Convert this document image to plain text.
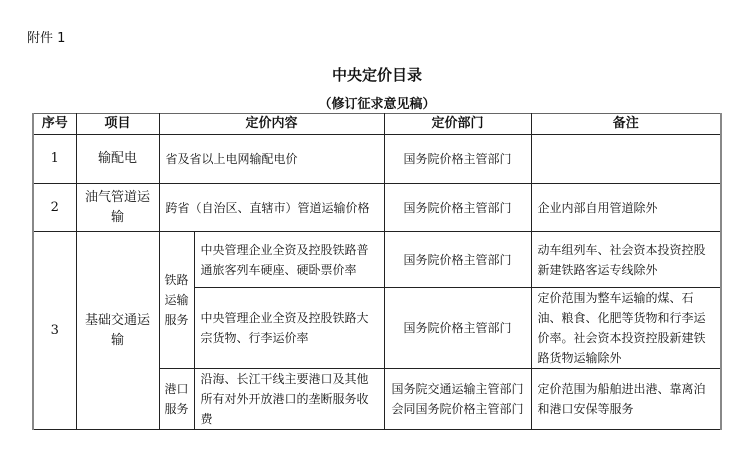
附件 1
中央定价目录
（修订征求意见稿）
序号	项目	定价内容		定价部门	备注
1	输配电	省及省以上电网输配电价		国务院价格主管部门	
2	油气管道运输	跨省（自治区、直辖市）管道运输价格		国务院价格主管部门	企业内部自用管道除外
3	基础交通运输	铁路运输服务	中央管理企业全资及控股铁路普通旅客列车硬座、硬卧票价率	国务院价格主管部门	动车组列车、社会资本投资控股新建铁路客运专线除外
			中央管理企业全资及控股铁路大宗货物、行李运价率	国务院价格主管部门	定价范围为整车运输的煤、石油、粮食、化肥等货物和行李运价率。社会资本投资控股新建铁路货物运输除外
		港口服务	沿海、长江干线主要港口及其他所有对外开放港口的垄断服务收费	国务院交通运输主管部门会同国务院价格主管部门	定价范围为船舶进出港、靠离泊和港口安保等服务
